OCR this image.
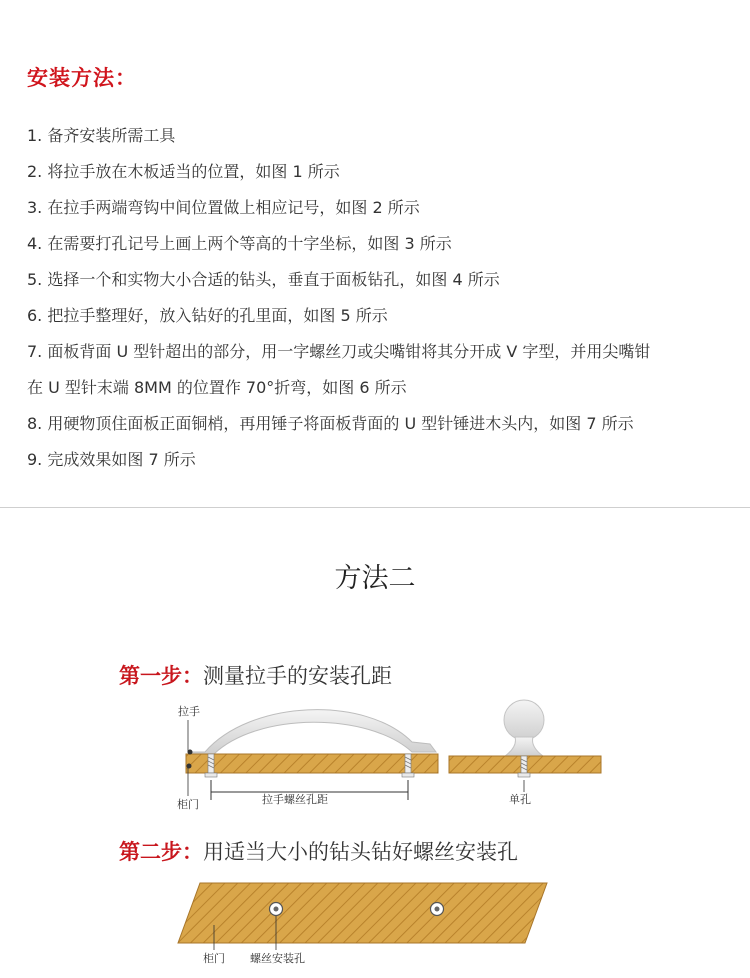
安装方法：
1. 备齐安装所需工具
2. 将拉手放在木板适当的位置，如图 1 所示
3. 在拉手两端弯钩中间位置做上相应记号，如图 2 所示
4. 在需要打孔记号上画上两个等高的十字坐标，如图 3 所示
5. 选择一个和实物大小合适的钻头，垂直于面板钻孔，如图 4 所示
6. 把拉手整理好，放入钻好的孔里面，如图 5 所示
7. 面板背面 U 型针超出的部分，用一字螺丝刀或尖嘴钳将其分开成 V 字型，并用尖嘴钳
在 U 型针末端 8MM 的位置作 70°折弯，如图 6 所示
8. 用硬物顶住面板正面铜梢，再用锤子将面板背面的 U 型针锤进木头内，如图 7 所示
9. 完成效果如图 7 所示
方法二
第一步：测量拉手的安装孔距
拉手螺丝孔距
拉手
柜门	单孔
柜门 螺丝安装孔
第二步：用适当大小的钻头钻好螺丝安装孔
